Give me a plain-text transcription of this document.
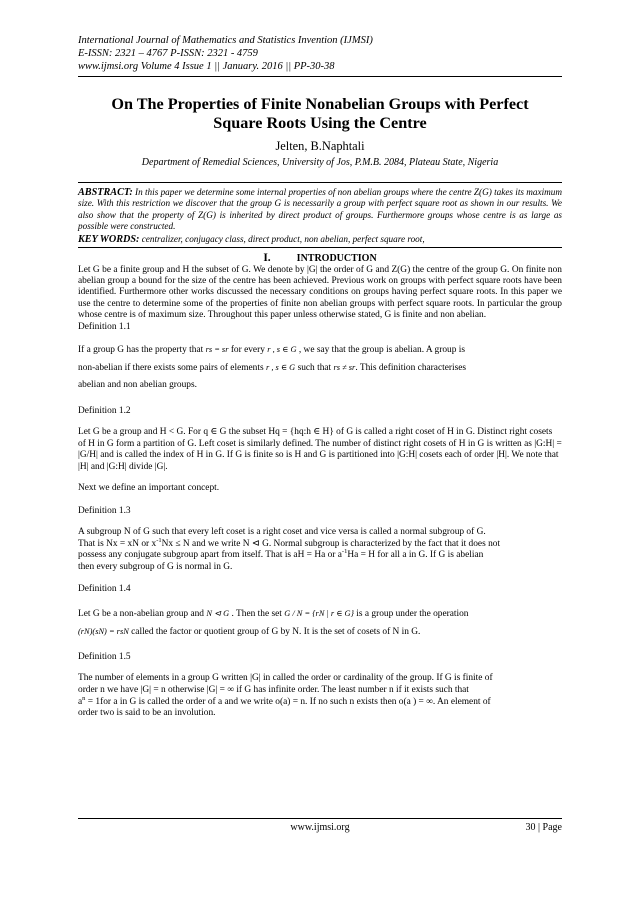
International Journal of Mathematics and Statistics Invention (IJMSI)

E-ISSN: 2321 – 4767 P-ISSN: 2321 - 4759

www.ijmsi.org Volume 4 Issue 1 || January. 2016 || PP-30-38

On The Properties of Finite Nonabelian Groups with Perfect
Square Roots Using the Centre
Jelten, B.Naphtali
Department of Remedial Sciences, University of Jos, P.M.B. 2084, Plateau State, Nigeria
ABSTRACT: In this paper we determine some internal properties of non abelian groups where the centre Z(G) takes its maximum size. With this restriction we discover that the group G is necessarily a group with perfect square root as shown in our results. We also show that the property of Z(G) is inherited by direct product of groups. Furthermore groups whose centre is as large as possible were constructed.
KEY WORDS: centralizer, conjugacy class, direct product, non abelian, perfect square root,
I.	INTRODUCTION

Let G be a finite group and H the subset of G. We denote by |G| the order of G and Z(G) the centre of the group G. On finite non abelian group a bound for the size of the centre has been achieved. Previous work on groups with perfect square roots have been identified. Furthermore other works discussed the necessary conditions on groups having perfect square roots. In this paper we use the centre to determine some of the properties of finite non abelian groups with perfect square roots. In particular the group whose centre is of maximum size. Throughout this paper unless otherwise stated, G is finite and non abelian.

Definition 1.1

If a group G has the property that rs = sr for every r , s ∈ G , we say that the group is abelian. A group is
non-abelian if there exists some pairs of elements r , s ∈ G such that rs ≠ sr. This definition characterises
abelian and non abelian groups.

Definition 1.2

Let G be a group and H < G. For q ∈ G the subset Hq = {hq:h ∈ H} of G is called a right coset of H in G. Distinct right cosets of H in G form a partition of G. Left coset is similarly defined. The number of distinct right cosets of H in G is written as |G:H| = |G/H| and is called the index of H in G. If G is finite so is H and G is partitioned into |G:H| cosets each of order |H|. We note that |H| and |G:H| divide |G|.

Next we define an important concept.

Definition 1.3

A subgroup N of G such that every left coset is a right coset and vice versa is called a normal subgroup of G.
That is Nx = xN or $x^{-1}Nx \le N$ and we write N ⊲ G. Normal subgroup is characterized by the fact that it does not
possess any conjugate subgroup apart from itself. That is aH = Ha or $a^{-1}Ha = H$ for all a in G. If G is abelian
then every subgroup of G is normal in G.

Definition 1.4

Let G be a non-abelian group and N ⊲ G . Then the set G / N = {rN | r ∈ G} is a group under the operation
(rN)(sN) = rsN called the factor or quotient group of G by N. It is the set of cosets of N in G.

Definition 1.5

The number of elements in a group G written |G| in called the order or cardinality of the group. If G is finite of
order n we have |G| = n otherwise |G| = ∞ if G has infinite order. The least number n if it exists such that
$a^n = 1for$ a in G is called the order of a and we write o(a) = n. If no such n exists then o(a ) = ∞. An element of
order two is said to be an involution.

www.ijmsi.org	30 | Page
